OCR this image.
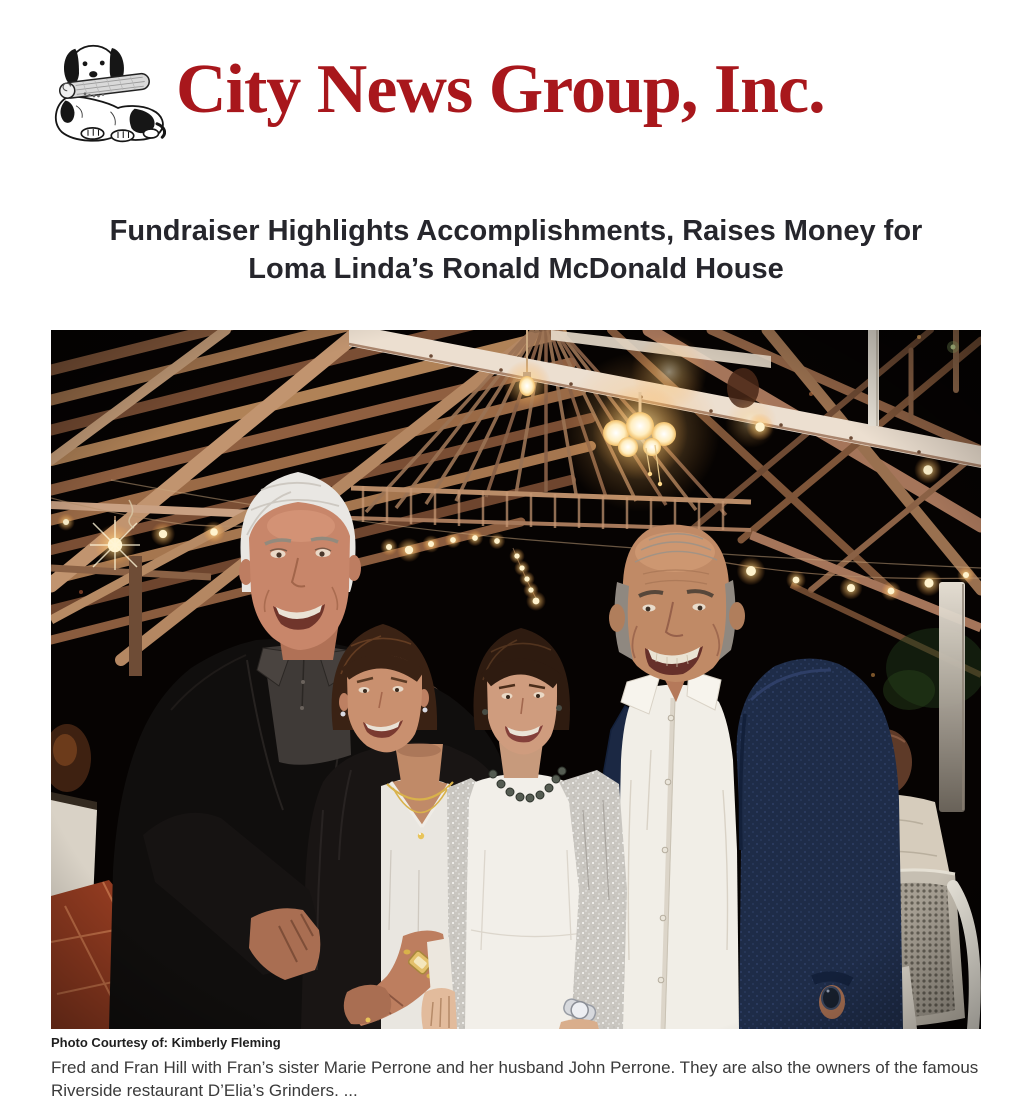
City News Group, Inc.
Fundraiser Highlights Accomplishments, Raises Money for
Loma Linda’s Ronald McDonald House

Photo Courtesy of: Kimberly Fleming

Fred and Fran Hill with Fran’s sister Marie Perrone and her husband John Perrone. They are also the owners of the famous Riverside restaurant D’Elia’s Grinders. ...
